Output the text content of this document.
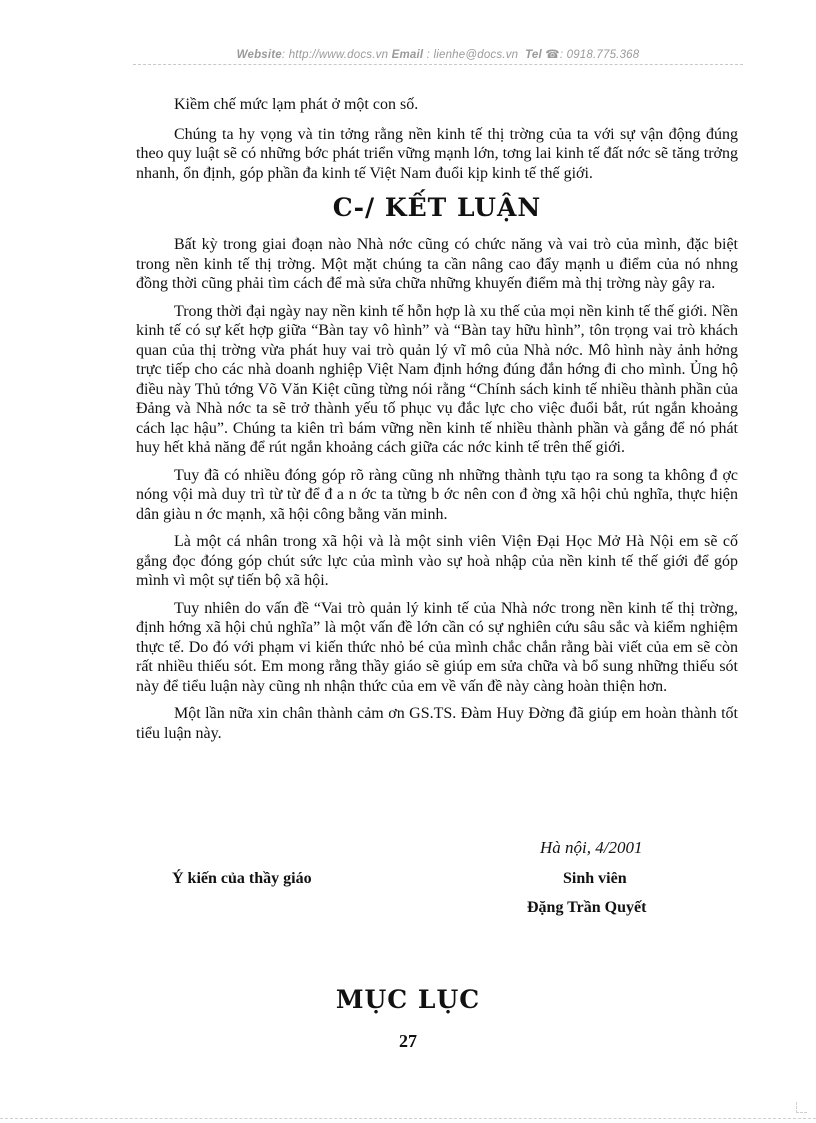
Website: http://www.docs.vn Email : lienhe@docs.vn Tel ☎: 0918.775.368

Kiềm chế mức lạm phát ở một con số.

Chúng ta hy vọng và tin tởng rằng nền kinh tế thị trờng của ta với sự vận động đúng theo quy luật sẽ có những bớc phát triển vững mạnh lớn, tơng lai kinh tế đất nớc sẽ tăng trởng nhanh, ổn định, góp phần đa kinh tế Việt Nam đuổi kịp kinh tế thế giới.

C-/ KẾT LUẬN

Bất kỳ trong giai đoạn nào Nhà nớc cũng có chức năng và vai trò của mình, đặc biệt trong nền kinh tế thị trờng. Một mặt chúng ta cần nâng cao đẩy mạnh u điểm của nó nhng đồng thời cũng phải tìm cách để mà sửa chữa những khuyến điểm mà thị trờng này gây ra.

Trong thời đại ngày nay nền kinh tế hỗn hợp là xu thế của mọi nền kinh tế thế giới. Nền kinh tế có sự kết hợp giữa “Bàn tay vô hình” và “Bàn tay hữu hình”, tôn trọng vai trò khách quan của thị trờng vừa phát huy vai trò quản lý vĩ mô của Nhà nớc. Mô hình này ảnh hởng trực tiếp cho các nhà doanh nghiệp Việt Nam định hớng đúng đắn hớng đi cho mình. Ủng hộ điều này Thủ tớng Võ Văn Kiệt cũng từng nói rằng “Chính sách kinh tế nhiều thành phần của Đảng và Nhà nớc ta sẽ trở thành yếu tố phục vụ đắc lực cho việc đuổi bắt, rút ngắn khoảng cách lạc hậu”. Chúng ta kiên trì bám vững nền kinh tế nhiều thành phần và gắng để nó phát huy hết khả năng để rút ngắn khoảng cách giữa các nớc kinh tế trên thế giới.

Tuy đã có nhiều đóng góp rõ ràng cũng nh những thành tựu tạo ra song ta không đ ợc nóng vội mà duy trì từ từ để đ a n ớc ta từng b ớc nên con đ ờng xã hội chủ nghĩa, thực hiện dân giàu n ớc mạnh, xã hội công bằng văn minh.

Là một cá nhân trong xã hội và là một sinh viên Viện Đại Học Mở Hà Nội em sẽ cố gắng đọc đóng góp chút sức lực của mình vào sự hoà nhập của nền kinh tế thế giới để góp mình vì một sự tiến bộ xã hội.

Tuy nhiên do vấn đề “Vai trò quản lý kinh tế của Nhà nớc trong nền kinh tế thị trờng, định hớng xã hội chủ nghĩa” là một vấn đề lớn cần có sự nghiên cứu sâu sắc và kiểm nghiệm thực tế. Do đó với phạm vi kiến thức nhỏ bé của mình chắc chắn rằng bài viết của em sẽ còn rất nhiều thiếu sót. Em mong rằng thầy giáo sẽ giúp em sửa chữa và bổ sung những thiếu sót này để tiểu luận này cũng nh nhận thức của em về vấn đề này càng hoàn thiện hơn.

Một lần nữa xin chân thành cảm ơn GS.TS. Đàm Huy Đờng đã giúp em hoàn thành tốt tiểu luận này.

Hà nội, 4/2001
Ý kiến của thầy giáo	Sinh viên
Đặng Trần Quyết
MỤC LỤC
27
